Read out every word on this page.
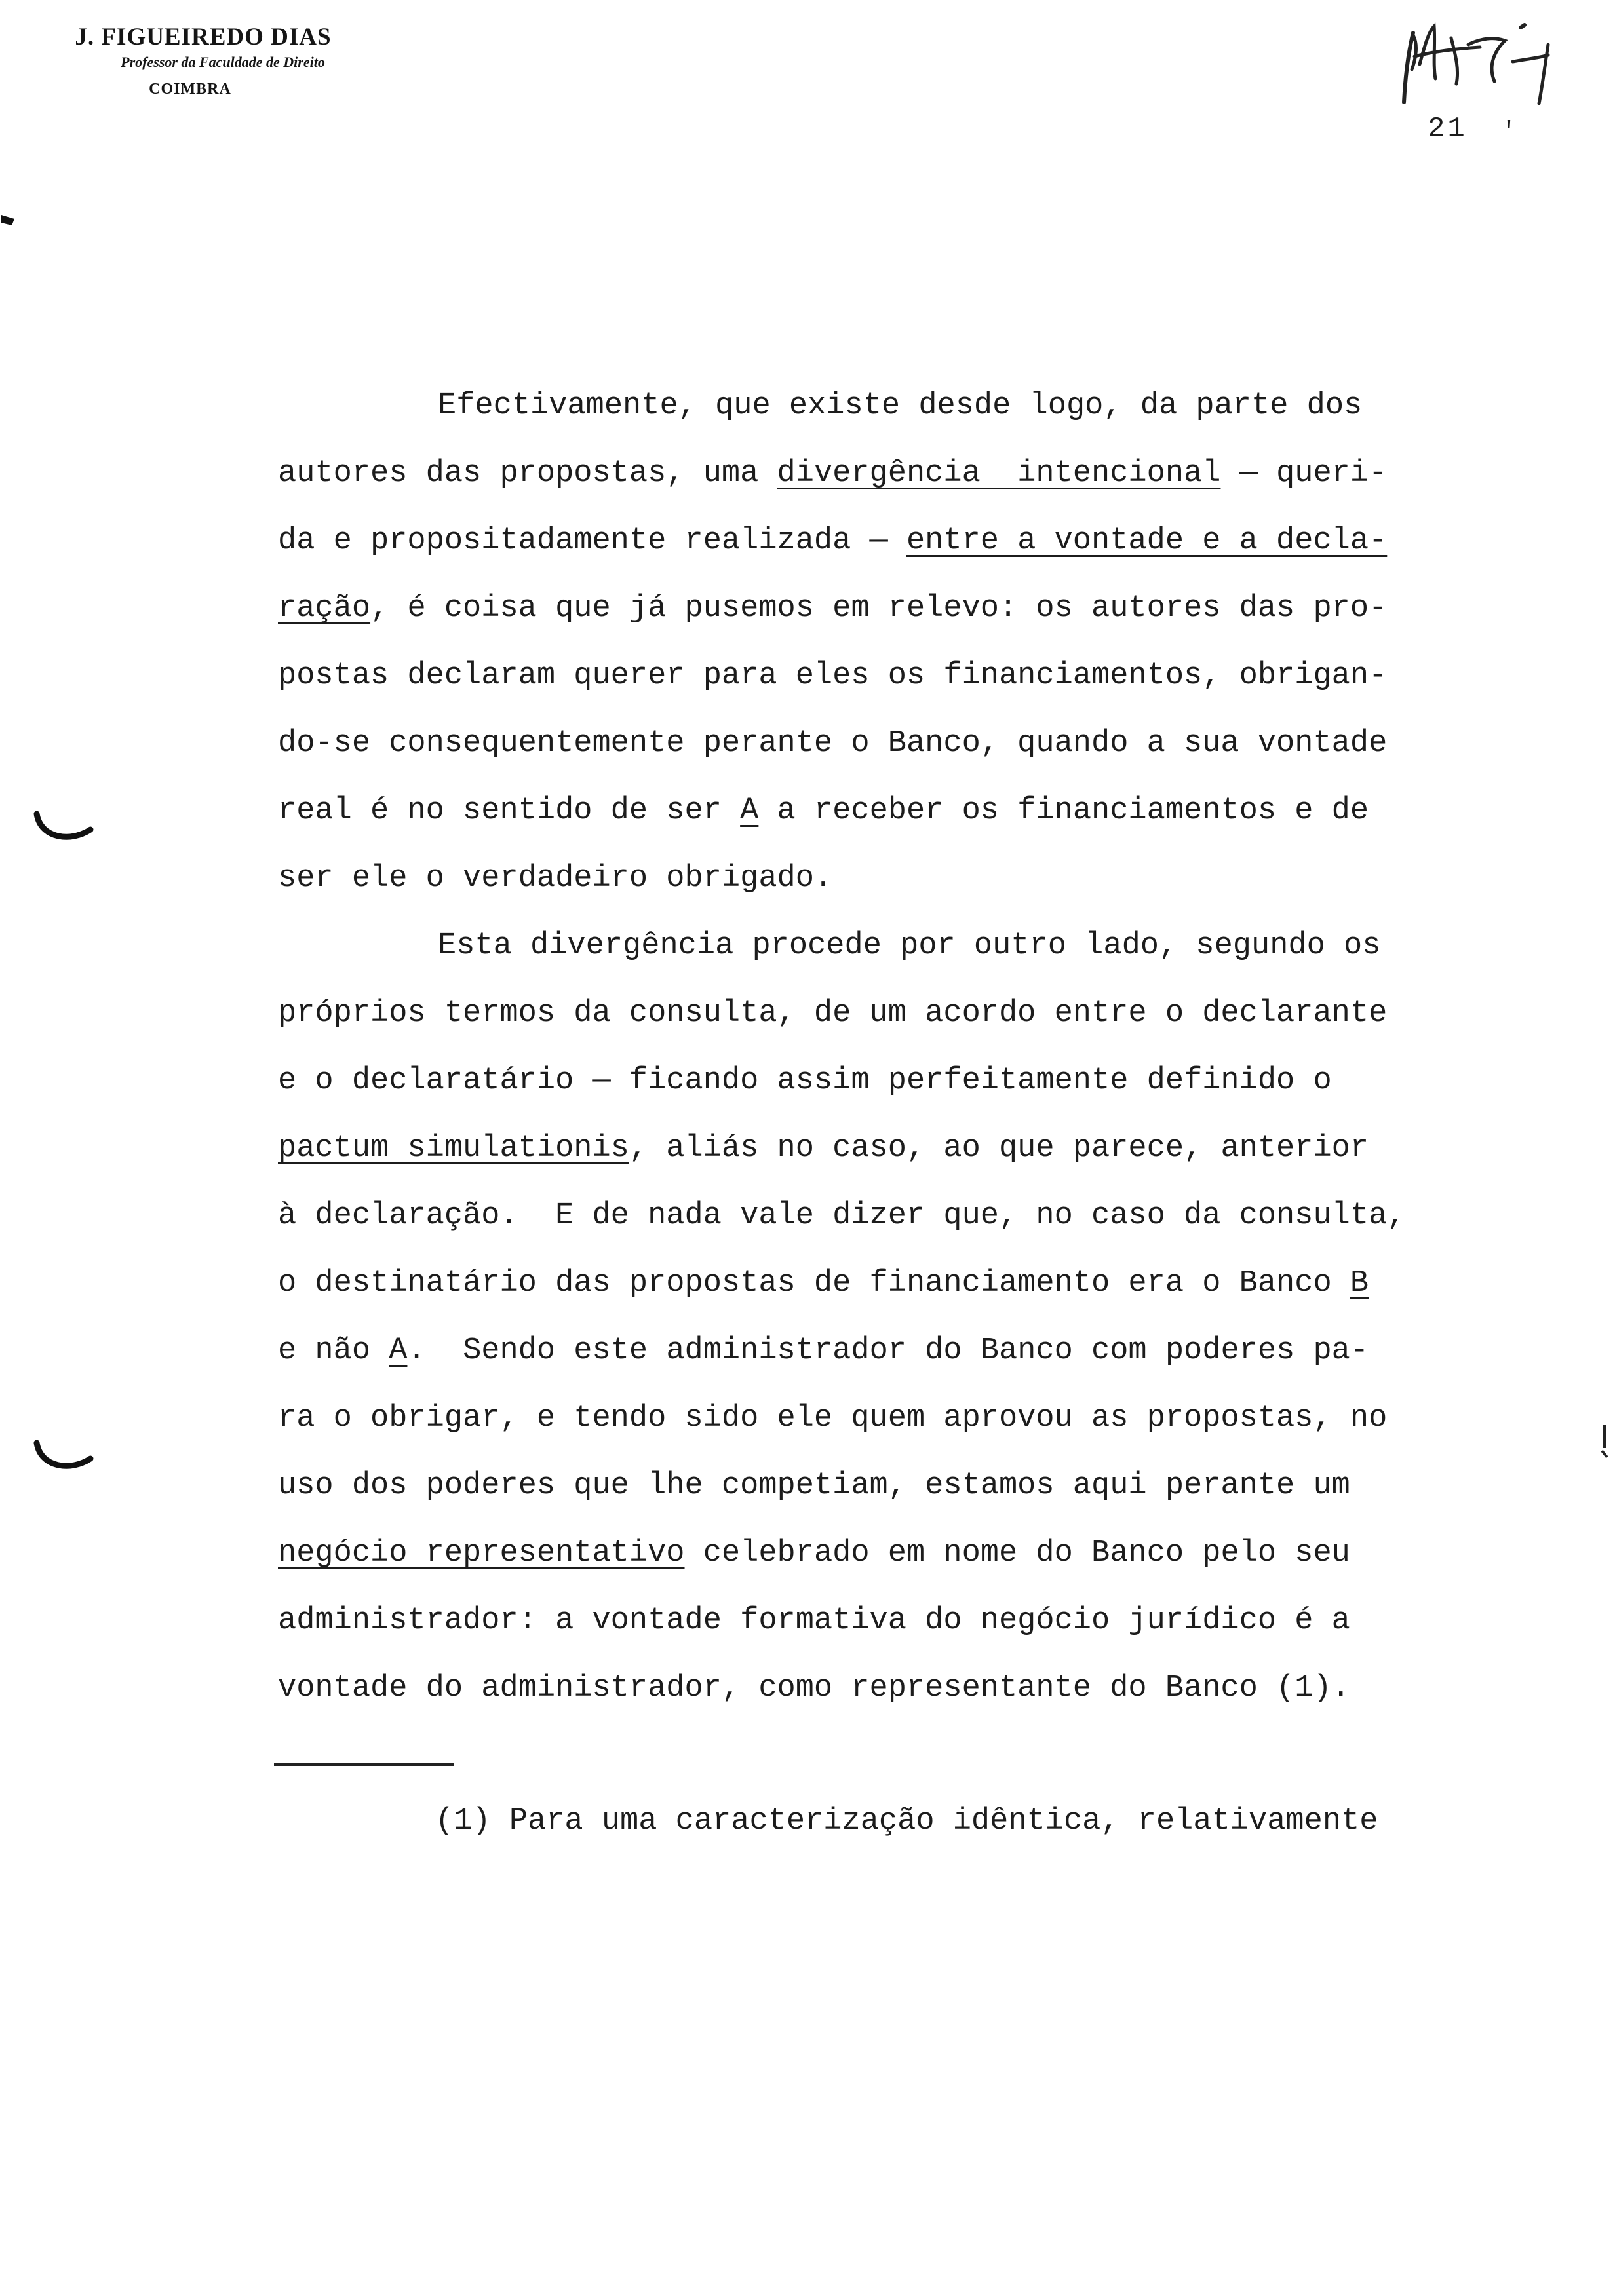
J. FIGUEIREDO DIAS
Professor da Faculdade de Direito
COIMBRA
21 '
Efectivamente, que existe desde logo, da parte dos
autores das propostas, uma divergência  intencional — queri-
da e propositadamente realizada — entre a vontade e a decla-
ração, é coisa que já pusemos em relevo: os autores das pro-
postas declaram querer para eles os financiamentos, obrigan-
do-se consequentemente perante o Banco, quando a sua vontade
real é no sentido de ser A a receber os financiamentos e de
ser ele o verdadeiro obrigado.
Esta divergência procede por outro lado, segundo os
próprios termos da consulta, de um acordo entre o declarante
e o declaratário — ficando assim perfeitamente definido o
pactum simulationis, aliás no caso, ao que parece, anterior
à declaração.  E de nada vale dizer que, no caso da consulta,
o destinatário das propostas de financiamento era o Banco B
e não A.  Sendo este administrador do Banco com poderes pa-
ra o obrigar, e tendo sido ele quem aprovou as propostas, no
uso dos poderes que lhe competiam, estamos aqui perante um
negócio representativo celebrado em nome do Banco pelo seu
administrador: a vontade formativa do negócio jurídico é a
vontade do administrador, como representante do Banco (1).
(1) Para uma caracterização idêntica, relativamente
